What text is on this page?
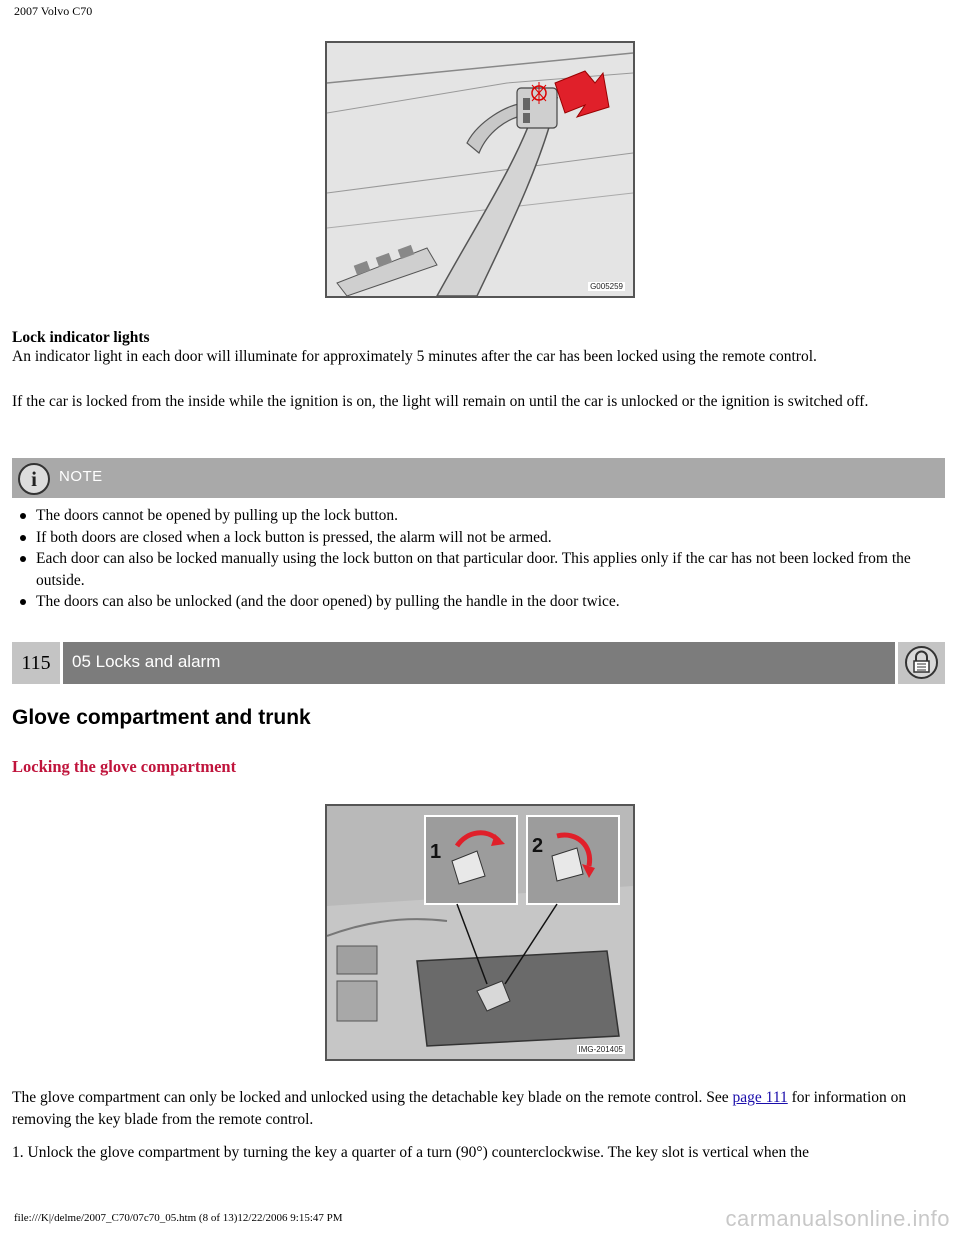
2007 Volvo C70
G005259
Lock indicator lights
An indicator light in each door will illuminate for approximately 5 minutes after the car has been locked using the remote control.
If the car is locked from the inside while the ignition is on, the light will remain on until the car is unlocked or the ignition is switched off.
i	NOTE
The doors cannot be opened by pulling up the lock button.
If both doors are closed when a lock button is pressed, the alarm will not be armed.
Each door can also be locked manually using the lock button on that particular door. This applies only if the car has not been locked from the outside.
The doors can also be unlocked (and the door opened) by pulling the handle in the door twice.
115	05 Locks and alarm
Glove compartment and trunk
Locking the glove compartment
1	2
IMG-201405
The glove compartment can only be locked and unlocked using the detachable key blade on the remote control. See page 111 for information on removing the key blade from the remote control.
1. Unlock the glove compartment by turning the key a quarter of a turn (90°) counterclockwise. The key slot is vertical when the
file:///K|/delme/2007_C70/07c70_05.htm (8 of 13)12/22/2006 9:15:47 PM	carmanualsonline.info
